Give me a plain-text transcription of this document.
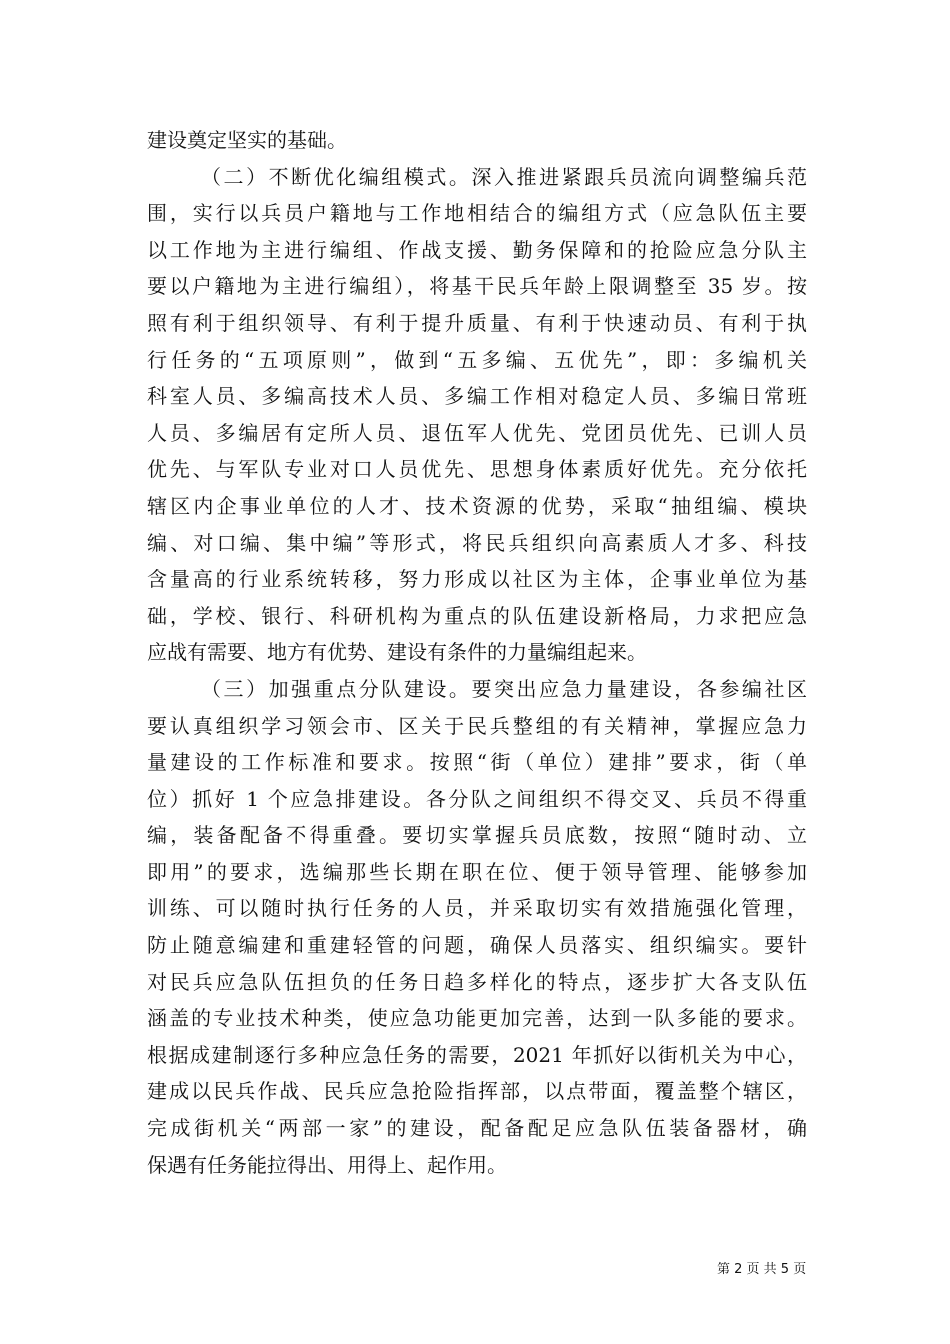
建设奠定坚实的基础。
（二）不断优化编组模式。深入推进紧跟兵员流向调整编兵范
围，实行以兵员户籍地与工作地相结合的编组方式（应急队伍主要
以工作地为主进行编组、作战支援、勤务保障和的抢险应急分队主
要以户籍地为主进行编组），将基干民兵年龄上限调整至 35 岁。按
照有利于组织领导、有利于提升质量、有利于快速动员、有利于执
行任务的“五项原则”，做到“五多编、五优先”，即：多编机关
科室人员、多编高技术人员、多编工作相对稳定人员、多编日常班
人员、多编居有定所人员、退伍军人优先、党团员优先、已训人员
优先、与军队专业对口人员优先、思想身体素质好优先。充分依托
辖区内企事业单位的人才、技术资源的优势，采取“抽组编、模块
编、对口编、集中编”等形式，将民兵组织向高素质人才多、科技
含量高的行业系统转移，努力形成以社区为主体，企事业单位为基
础，学校、银行、科研机构为重点的队伍建设新格局，力求把应急
应战有需要、地方有优势、建设有条件的力量编组起来。
（三）加强重点分队建设。要突出应急力量建设，各参编社区
要认真组织学习领会市、区关于民兵整组的有关精神，掌握应急力
量建设的工作标准和要求。按照“街（单位）建排”要求，街（单
位）抓好 1 个应急排建设。各分队之间组织不得交叉、兵员不得重
编，装备配备不得重叠。要切实掌握兵员底数，按照“随时动、立
即用”的要求，选编那些长期在职在位、便于领导管理、能够参加
训练、可以随时执行任务的人员，并采取切实有效措施强化管理，
防止随意编建和重建轻管的问题，确保人员落实、组织编实。要针
对民兵应急队伍担负的任务日趋多样化的特点，逐步扩大各支队伍
涵盖的专业技术种类，使应急功能更加完善，达到一队多能的要求。
根据成建制逐行多种应急任务的需要，2021 年抓好以街机关为中心，
建成以民兵作战、民兵应急抢险指挥部，以点带面，覆盖整个辖区，
完成街机关“两部一家”的建设，配备配足应急队伍装备器材，确
保遇有任务能拉得出、用得上、起作用。
第 2 页 共 5 页
